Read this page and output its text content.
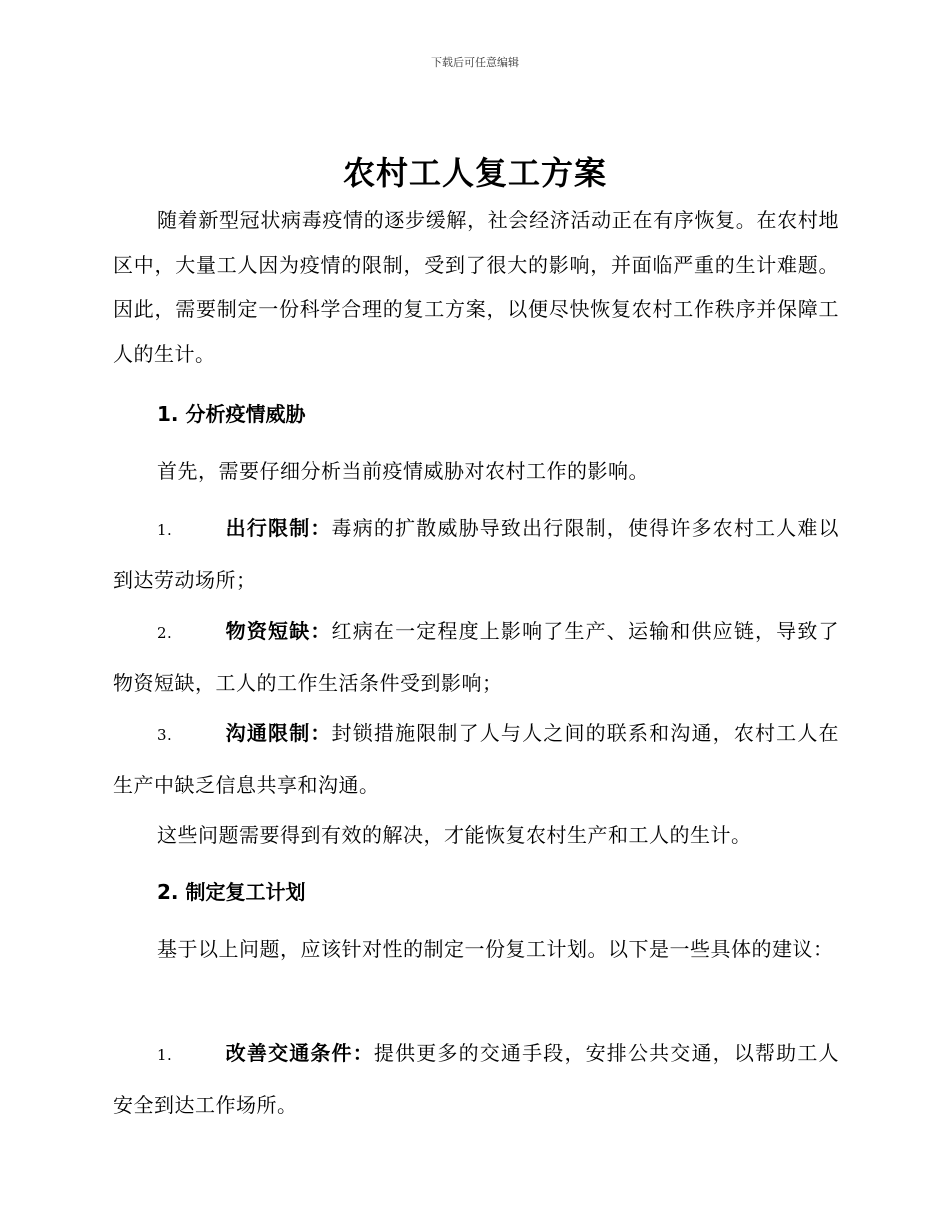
下载后可任意编辑
农村工人复工方案
随着新型冠状病毒疫情的逐步缓解，社会经济活动正在有序恢复。在农村地区中，大量工人因为疫情的限制，受到了很大的影响，并面临严重的生计难题。因此，需要制定一份科学合理的复工方案，以便尽快恢复农村工作秩序并保障工人的生计。
1. 分析疫情威胁
首先，需要仔细分析当前疫情威胁对农村工作的影响。
1.	出行限制：毒病的扩散威胁导致出行限制，使得许多农村工人难以到达劳动场所；
2.	物资短缺：红病在一定程度上影响了生产、运输和供应链，导致了物资短缺，工人的工作生活条件受到影响；
3.	沟通限制：封锁措施限制了人与人之间的联系和沟通，农村工人在生产中缺乏信息共享和沟通。
这些问题需要得到有效的解决，才能恢复农村生产和工人的生计。
2. 制定复工计划
基于以上问题，应该针对性的制定一份复工计划。以下是一些具体的建议：
1.	改善交通条件：提供更多的交通手段，安排公共交通，以帮助工人安全到达工作场所。
